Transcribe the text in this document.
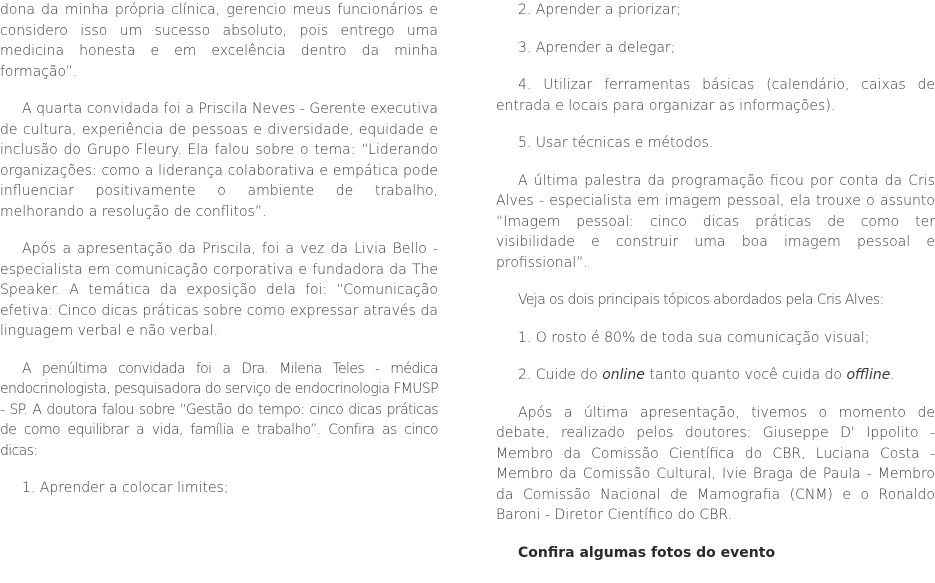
dona da minha própria clínica, gerencio meus funcionários e considero isso um sucesso absoluto, pois entrego uma medicina honesta e em excelência dentro da minha formação”.

A quarta convidada foi a Priscila Neves - Gerente executiva de cultura, experiência de pessoas e diversidade, equidade e inclusão do Grupo Fleury. Ela falou sobre o tema: “Liderando organizações: como a liderança colaborativa e empática pode influenciar positivamente o ambiente de trabalho, melhorando a resolução de conflitos”.

Após a apresentação da Priscila, foi a vez da Livia Bello - especialista em comunicação corporativa e fundadora da The Speaker. A temática da exposição dela foi: “Comunicação efetiva: Cinco dicas práticas sobre como expressar através da linguagem verbal e não verbal.

A penúltima convidada foi a Dra. Milena Teles - médica endocrinologista, pesquisadora do serviço de endocrinologia FMUSP - SP. A doutora falou sobre “Gestão do tempo: cinco dicas práticas de como equilibrar a vida, família e trabalho”. Confira as cinco dicas:

1. Aprender a colocar limites;

2. Aprender a priorizar;

3. Aprender a delegar;

4. Utilizar ferramentas básicas (calendário, caixas de entrada e locais para organizar as informações).

5. Usar técnicas e métodos.

A última palestra da programação ficou por conta da Cris Alves - especialista em imagem pessoal, ela trouxe o assunto “Imagem pessoal: cinco dicas práticas de como ter visibilidade e construir uma boa imagem pessoal e profissional”.

Veja os dois principais tópicos abordados pela Cris Alves:

1. O rosto é 80% de toda sua comunicação visual;

2. Cuide do online tanto quanto você cuida do offline.

Após a última apresentação, tivemos o momento de debate, realizado pelos doutores: Giuseppe D' Ippolito - Membro da Comissão Científica do CBR, Luciana Costa - Membro da Comissão Cultural, Ivie Braga de Paula - Membro da Comissão Nacional de Mamografia (CNM) e o Ronaldo Baroni - Diretor Científico do CBR.

Confira algumas fotos do evento
